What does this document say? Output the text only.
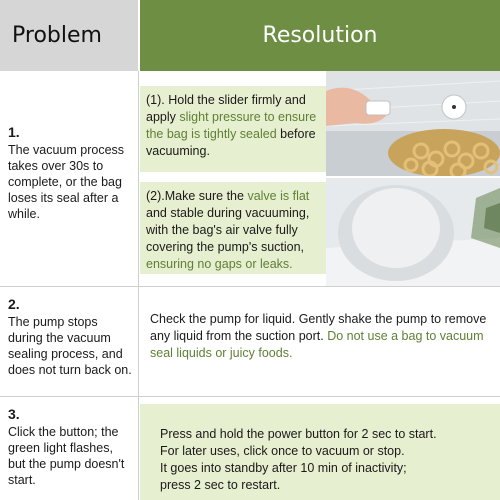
Problem	Resolution
1.
The vacuum process takes over 30s to complete, or the bag loses its seal after a while.
(1). Hold the slider firmly and apply slight pressure to ensure the bag is tightly sealed before vacuuming.
(2).Make sure the valve is flat and stable during vacuuming, with the bag's air valve fully covering the pump's suction, ensuring no gaps or leaks.
2.
The pump stops during the vacuum sealing process, and does not turn back on.
Check the pump for liquid. Gently shake the pump to remove any liquid from the suction port. Do not use a bag to vacuum seal liquids or juicy foods.
3.
Click the button; the green light flashes, but the pump doesn't start.
Press and hold the power button for 2 sec to start.
For later uses, click once to vacuum or stop.
It goes into standby after 10 min of inactivity;
press 2 sec to restart.
